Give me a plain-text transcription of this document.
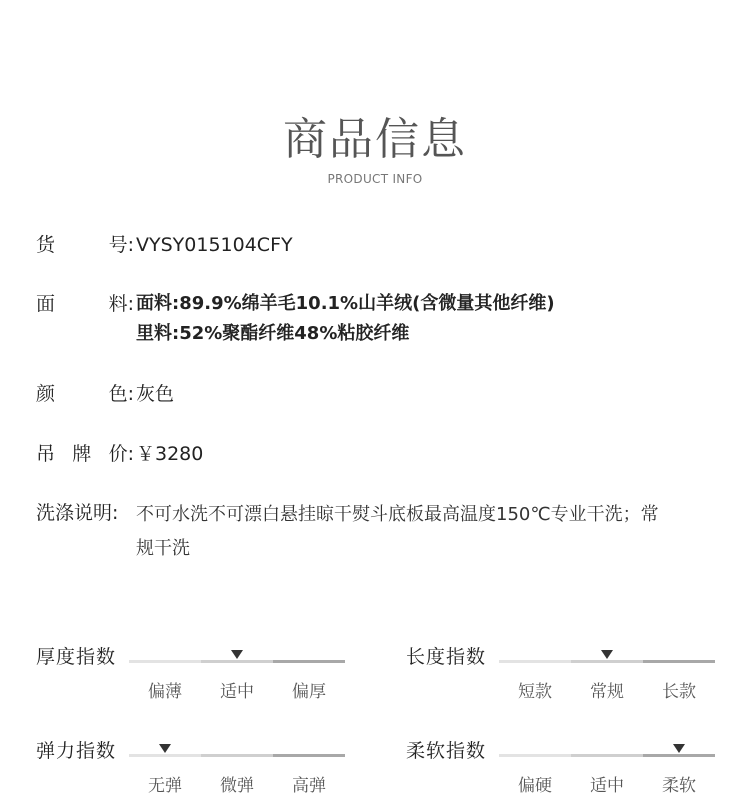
商品信息
PRODUCT INFO
货	号: VYSY015104CFY
面	料: 面料:89.9%绵羊毛10.1%山羊绒(含微量其他纤维)
里料:52%聚酯纤维48%粘胶纤维
颜	色: 灰色
吊 牌 价: ￥3280
洗涤说明: 不可水洗不可漂白悬挂晾干熨斗底板最高温度150℃专业干洗；常
规干洗
厚度指数
偏薄	适中	偏厚
长度指数
短款	常规	长款
弹力指数
无弹	微弹	高弹
柔软指数
偏硬	适中	柔软
